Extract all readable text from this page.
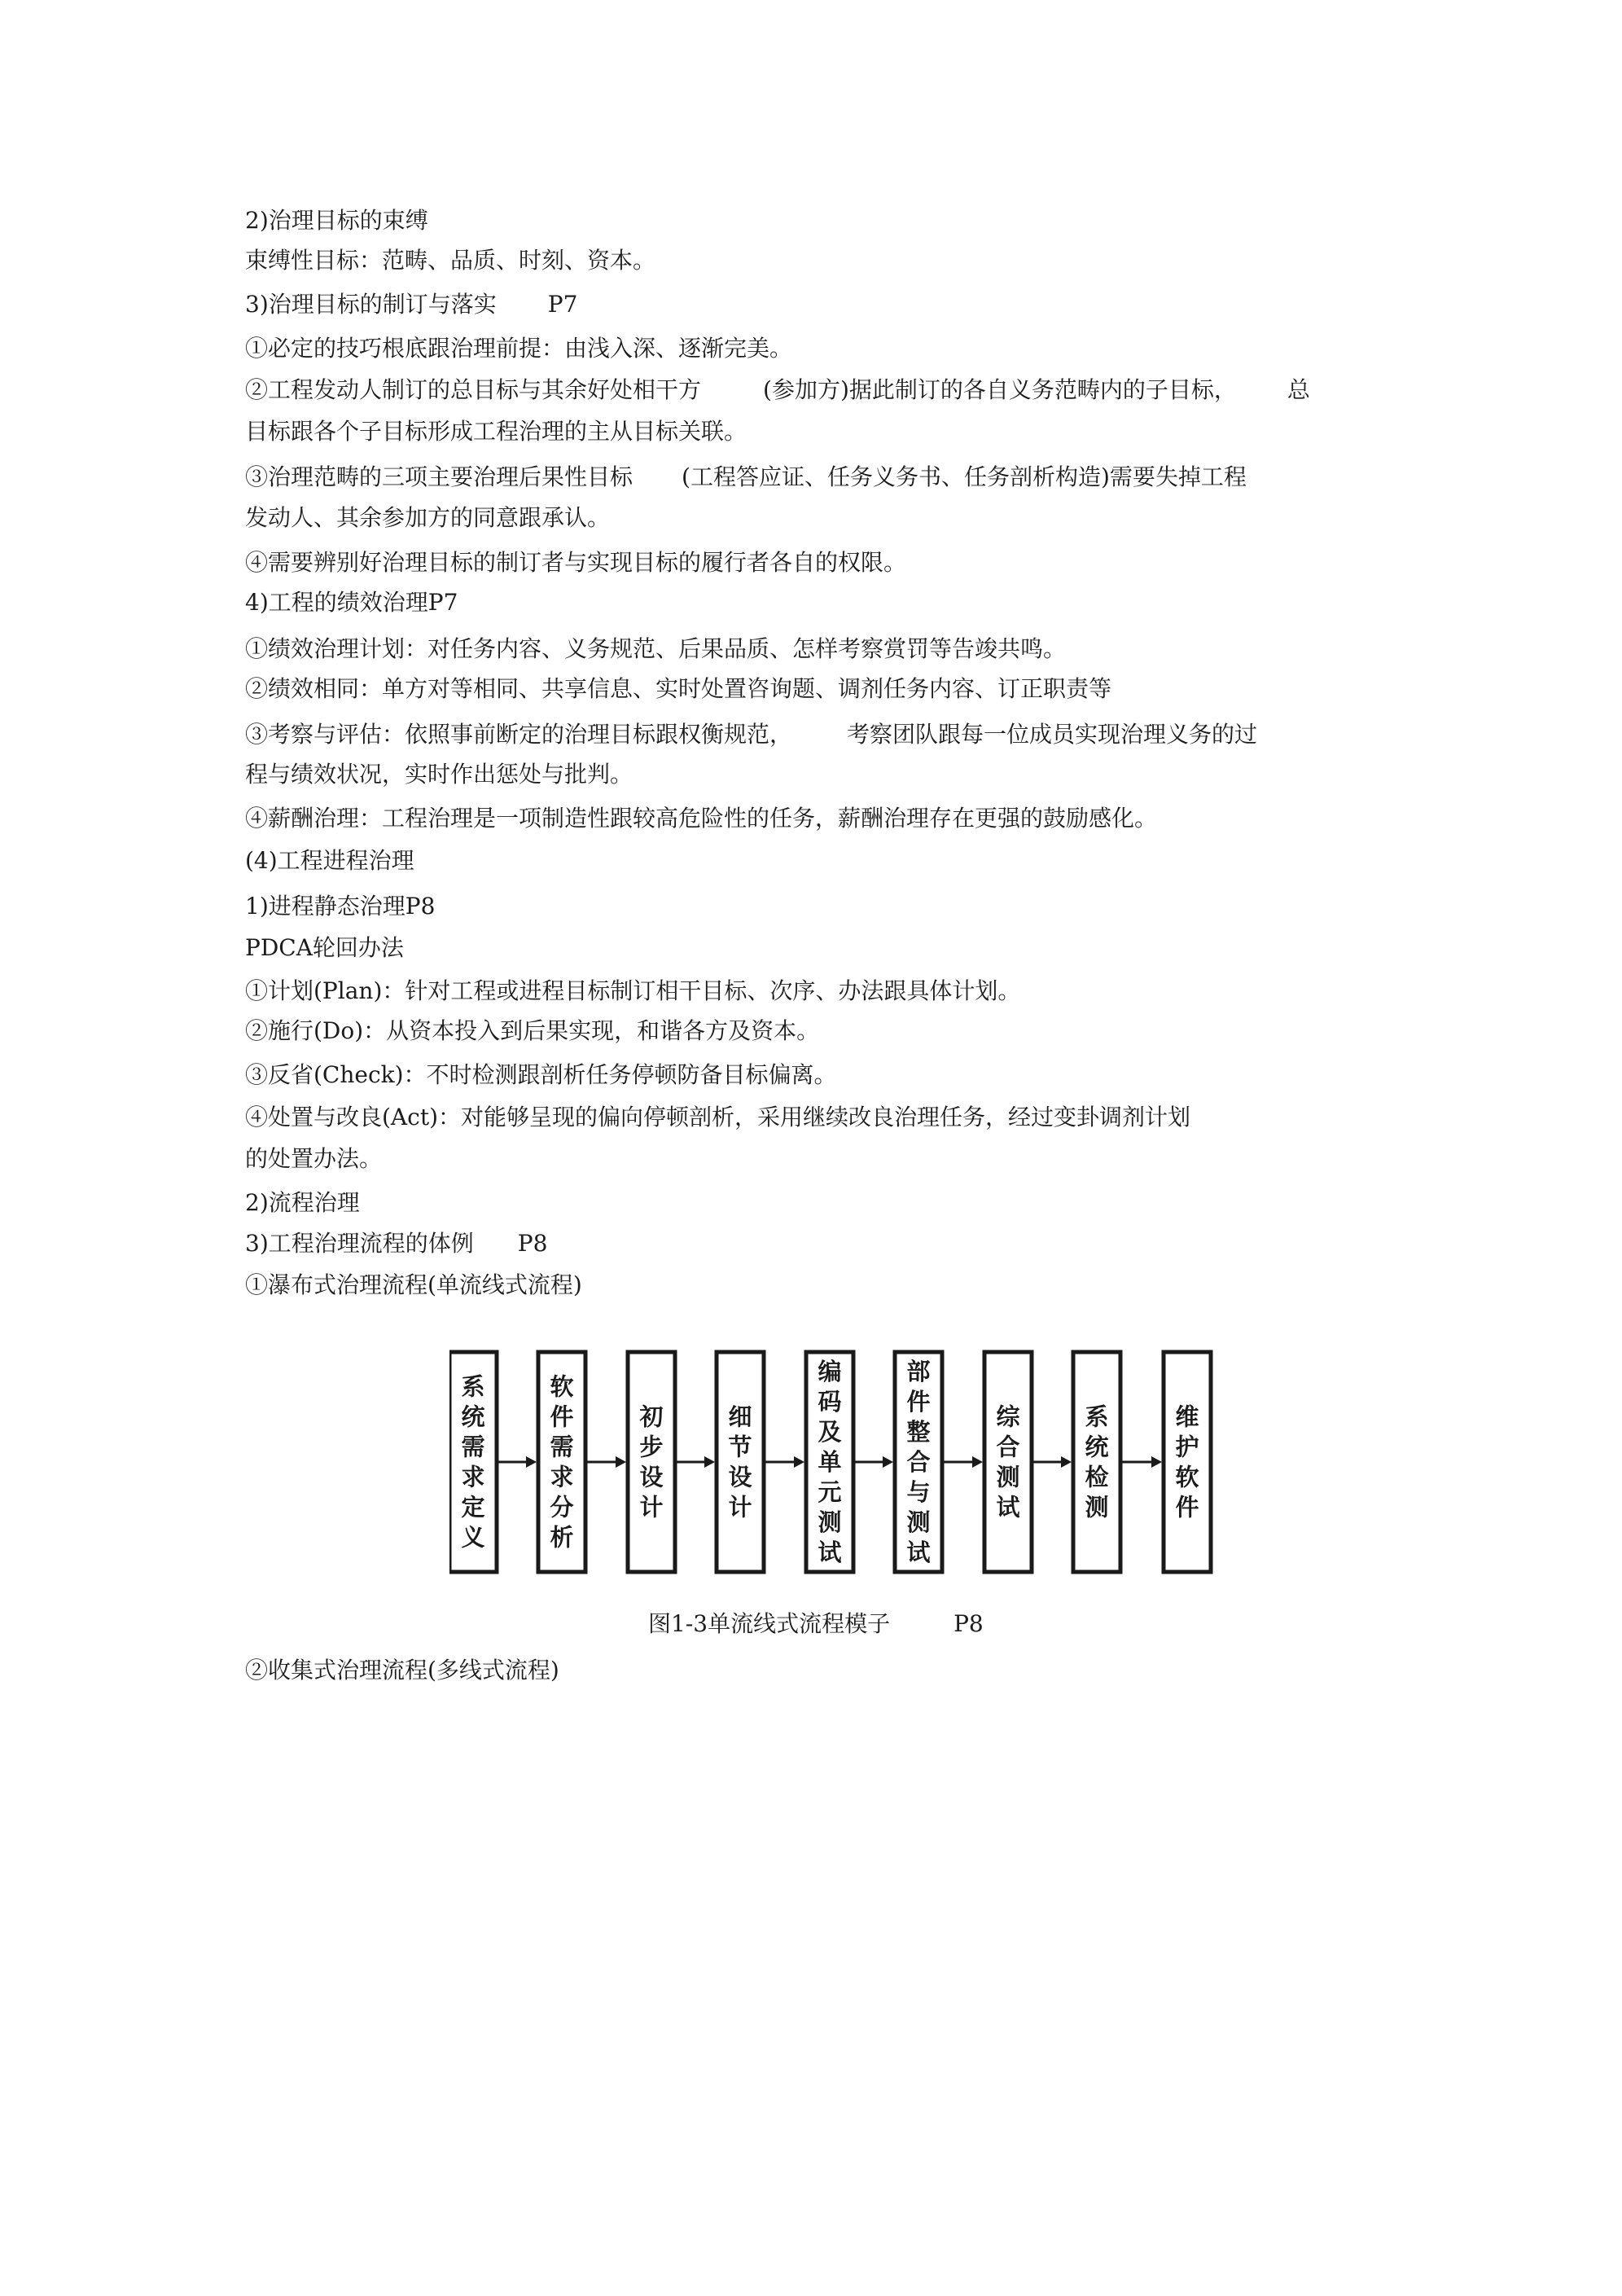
2)治理目标的束缚
束缚性目标：范畴、品质、时刻、资本。
3)治理目标的制订与落实 P7
①必定的技巧根底跟治理前提：由浅入深、逐渐完美。
②工程发动人制订的总目标与其余好处相干方	(参加方)据此制订的各自义务范畴内的子目标， 总
目标跟各个子目标形成工程治理的主从目标关联。
③治理范畴的三项主要治理后果性目标 (工程答应证、任务义务书、任务剖析构造)需要失掉工程
发动人、其余参加方的同意跟承认。
④需要辨别好治理目标的制订者与实现目标的履行者各自的权限。
4)工程的绩效治理P7
①绩效治理计划：对任务内容、义务规范、后果品质、怎样考察赏罚等告竣共鸣。
②绩效相同：单方对等相同、共享信息、实时处置咨询题、调剂任务内容、订正职责等
③考察与评估：依照事前断定的治理目标跟权衡规范， 考察团队跟每一位成员实现治理义务的过
程与绩效状况，实时作出惩处与批判。
④薪酬治理：工程治理是一项制造性跟较高危险性的任务，薪酬治理存在更强的鼓励感化。
(4)工程进程治理
1)进程静态治理P8
PDCA轮回办法
①计划(Plan)：针对工程或进程目标制订相干目标、次序、办法跟具体计划。
②施行(Do)：从资本投入到后果实现，和谐各方及资本。
③反省(Check)：不时检测跟剖析任务停顿防备目标偏离。
④处置与改良(Act)：对能够呈现的偏向停顿剖析，采用继续改良治理任务，经过变卦调剂计划
的处置办法。
2)流程治理
3)工程治理流程的体例 P8
①瀑布式治理流程(单流线式流程)
系
统
需
求
定
义
软
件
需
求
分
析
初
步
设
计
细
节
设
计
编
码
及
单
元
测
试
部
件
整
合
与
测
试
综
合
测
试
系
统
检
测
维
护
软
件
图1-3单流线式流程模子	P8
②收集式治理流程(多线式流程)
